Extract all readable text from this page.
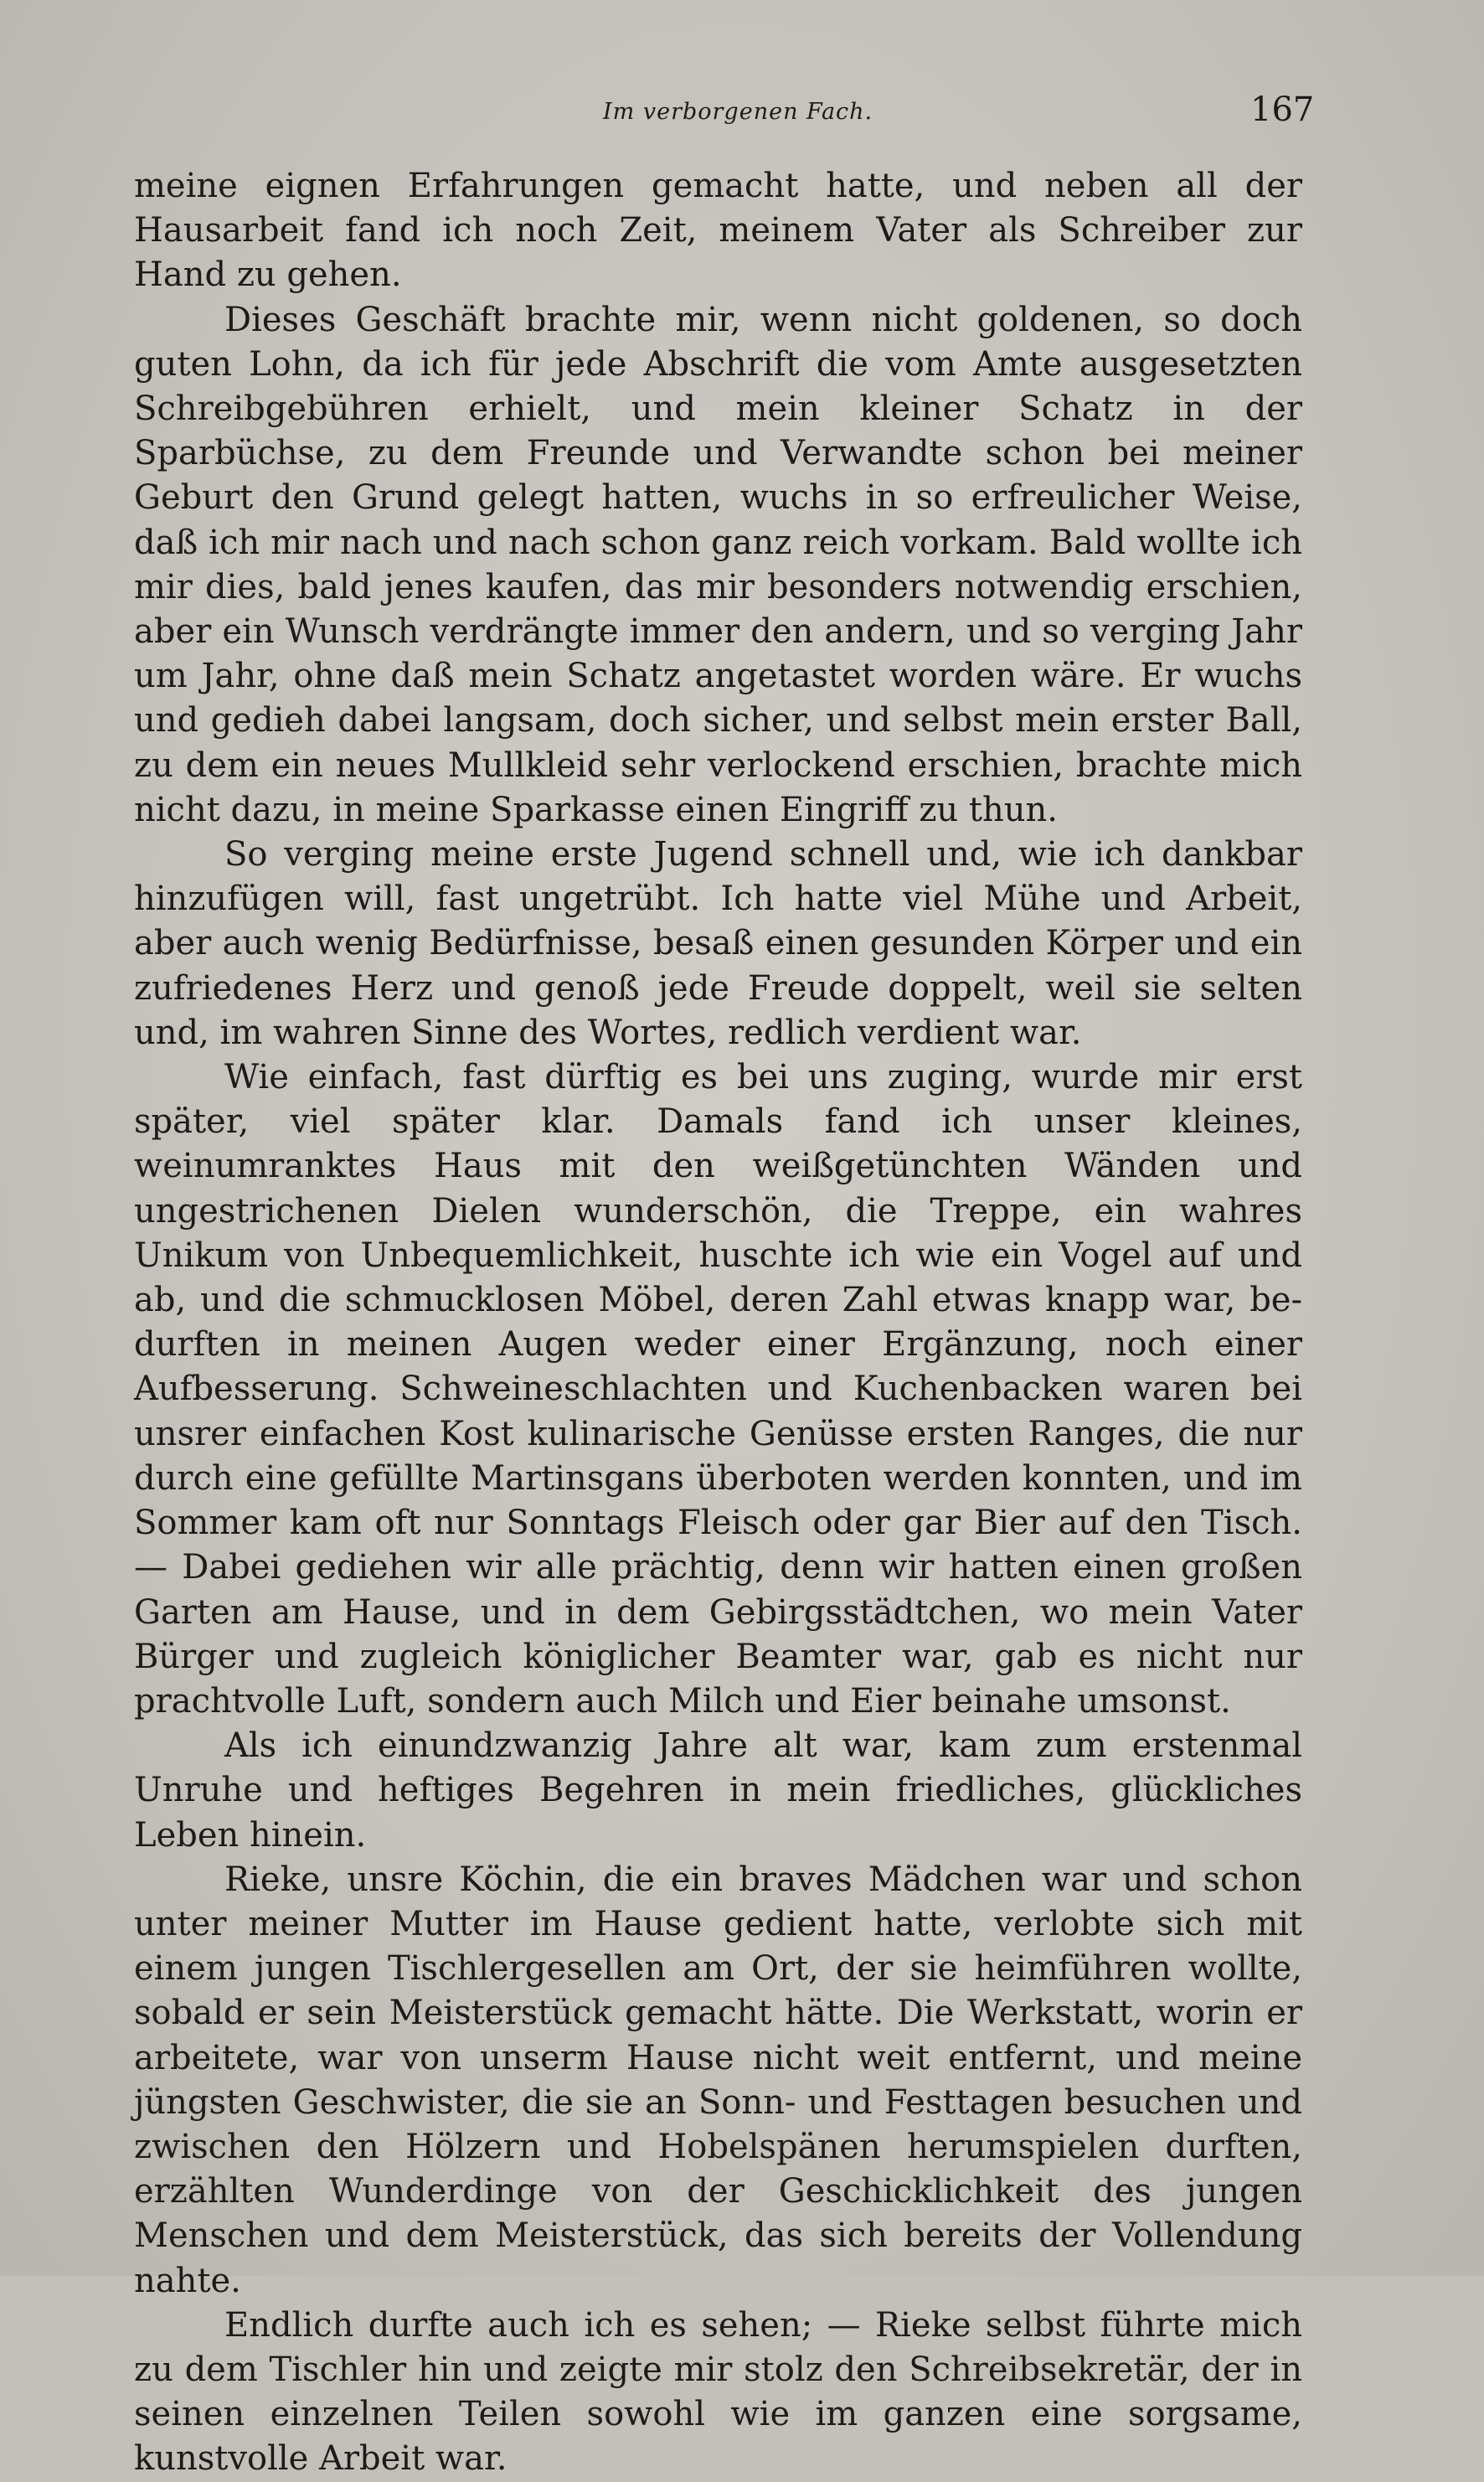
Im verborgenen Fach.	167

meine eignen Erfahrungen gemacht hatte, und neben all der Hausarbeit fand ich noch Zeit, meinem Vater als Schreiber zur Hand zu gehen.

Dieses Geschäft brachte mir, wenn nicht goldenen, so doch guten Lohn, da ich für jede Abschrift die vom Amte ausgesetzten Schreibgebühren erhielt, und mein kleiner Schatz in der Sparbüchse, zu dem Freunde und Verwandte schon bei meiner Geburt den Grund gelegt hatten, wuchs in so erfreulicher Weise, daß ich mir nach und nach schon ganz reich vorkam. Bald wollte ich mir dies, bald jenes kaufen, das mir besonders notwendig erschien, aber ein Wunsch verdrängte immer den andern, und so verging Jahr um Jahr, ohne daß mein Schatz angetastet worden wäre. Er wuchs und gedieh dabei langsam, doch sicher, und selbst mein erster Ball, zu dem ein neues Mullkleid sehr verlockend erschien, brachte mich nicht dazu, in meine Sparkasse einen Eingriff zu thun.

So verging meine erste Jugend schnell und, wie ich dankbar hinzufügen will, fast ungetrübt. Ich hatte viel Mühe und Arbeit, aber auch wenig Bedürfnisse, besaß einen gesunden Körper und ein zufriedenes Herz und genoß jede Freude doppelt, weil sie selten und, im wahren Sinne des Wortes, redlich verdient war.

Wie einfach, fast dürftig es bei uns zuging, wurde mir erst später, viel später klar. Damals fand ich unser kleines, weinumranktes Haus mit den weißgetünchten Wänden und ungestrichenen Dielen wunderschön, die Treppe, ein wahres Unikum von Unbequemlichkeit, huschte ich wie ein Vogel auf und ab, und die schmucklosen Möbel, deren Zahl etwas knapp war, bedurften in meinen Augen weder einer Ergänzung, noch einer Aufbesserung. Schweineschlachten und Kuchenbacken waren bei unsrer einfachen Kost kulinarische Genüsse ersten Ranges, die nur durch eine gefüllte Martinsgans überboten werden konnten, und im Sommer kam oft nur Sonntags Fleisch oder gar Bier auf den Tisch. — Dabei gediehen wir alle prächtig, denn wir hatten einen großen Garten am Hause, und in dem Gebirgsstädtchen, wo mein Vater Bürger und zugleich königlicher Beamter war, gab es nicht nur prachtvolle Luft, sondern auch Milch und Eier beinahe umsonst.

Als ich einundzwanzig Jahre alt war, kam zum erstenmal Unruhe und heftiges Begehren in mein friedliches, glückliches Leben hinein.

Rieke, unsre Köchin, die ein braves Mädchen war und schon unter meiner Mutter im Hause gedient hatte, verlobte sich mit einem jungen Tischlergesellen am Ort, der sie heimführen wollte, sobald er sein Meisterstück gemacht hätte. Die Werkstatt, worin er arbeitete, war von unserm Hause nicht weit entfernt, und meine jüngsten Geschwister, die sie an Sonn- und Festtagen besuchen und zwischen den Hölzern und Hobelspänen herumspielen durften, erzählten Wunderdinge von der Geschicklichkeit des jungen Menschen und dem Meisterstück, das sich bereits der Vollendung nahte.

Endlich durfte auch ich es sehen; — Rieke selbst führte mich zu dem Tischler hin und zeigte mir stolz den Schreibsekretär, der in seinen einzelnen Teilen sowohl wie im ganzen eine sorgsame, kunstvolle Arbeit war.
